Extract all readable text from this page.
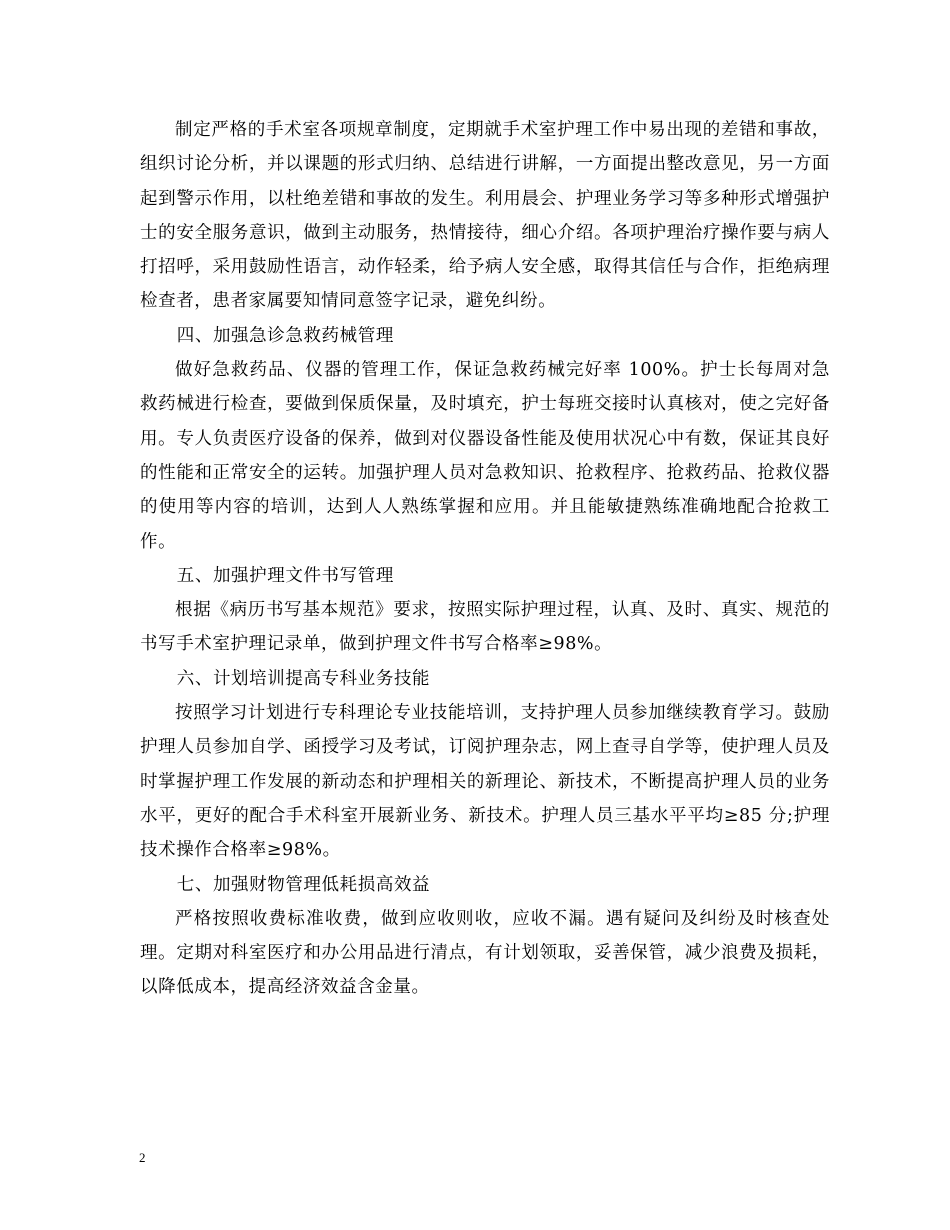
制定严格的手术室各项规章制度，定期就手术室护理工作中易出现的差错和事故，组织讨论分析，并以课题的形式归纳、总结进行讲解，一方面提出整改意见，另一方面起到警示作用，以杜绝差错和事故的发生。利用晨会、护理业务学习等多种形式增强护士的安全服务意识，做到主动服务，热情接待，细心介绍。各项护理治疗操作要与病人打招呼，采用鼓励性语言，动作轻柔，给予病人安全感，取得其信任与合作，拒绝病理检查者，患者家属要知情同意签字记录，避免纠纷。

四、加强急诊急救药械管理

做好急救药品、仪器的管理工作，保证急救药械完好率 100%。护士长每周对急救药械进行检查，要做到保质保量，及时填充，护士每班交接时认真核对，使之完好备用。专人负责医疗设备的保养，做到对仪器设备性能及使用状况心中有数，保证其良好的性能和正常安全的运转。加强护理人员对急救知识、抢救程序、抢救药品、抢救仪器的使用等内容的培训，达到人人熟练掌握和应用。并且能敏捷熟练准确地配合抢救工作。

五、加强护理文件书写管理

根据《病历书写基本规范》要求，按照实际护理过程，认真、及时、真实、规范的书写手术室护理记录单，做到护理文件书写合格率≥98%。

六、计划培训提高专科业务技能

按照学习计划进行专科理论专业技能培训，支持护理人员参加继续教育学习。鼓励护理人员参加自学、函授学习及考试，订阅护理杂志，网上查寻自学等，使护理人员及时掌握护理工作发展的新动态和护理相关的新理论、新技术，不断提高护理人员的业务水平，更好的配合手术科室开展新业务、新技术。护理人员三基水平平均≥85 分;护理技术操作合格率≥98%。

七、加强财物管理低耗损高效益

严格按照收费标准收费，做到应收则收，应收不漏。遇有疑问及纠纷及时核查处理。定期对科室医疗和办公用品进行清点，有计划领取，妥善保管，减少浪费及损耗，以降低成本，提高经济效益含金量。

2
